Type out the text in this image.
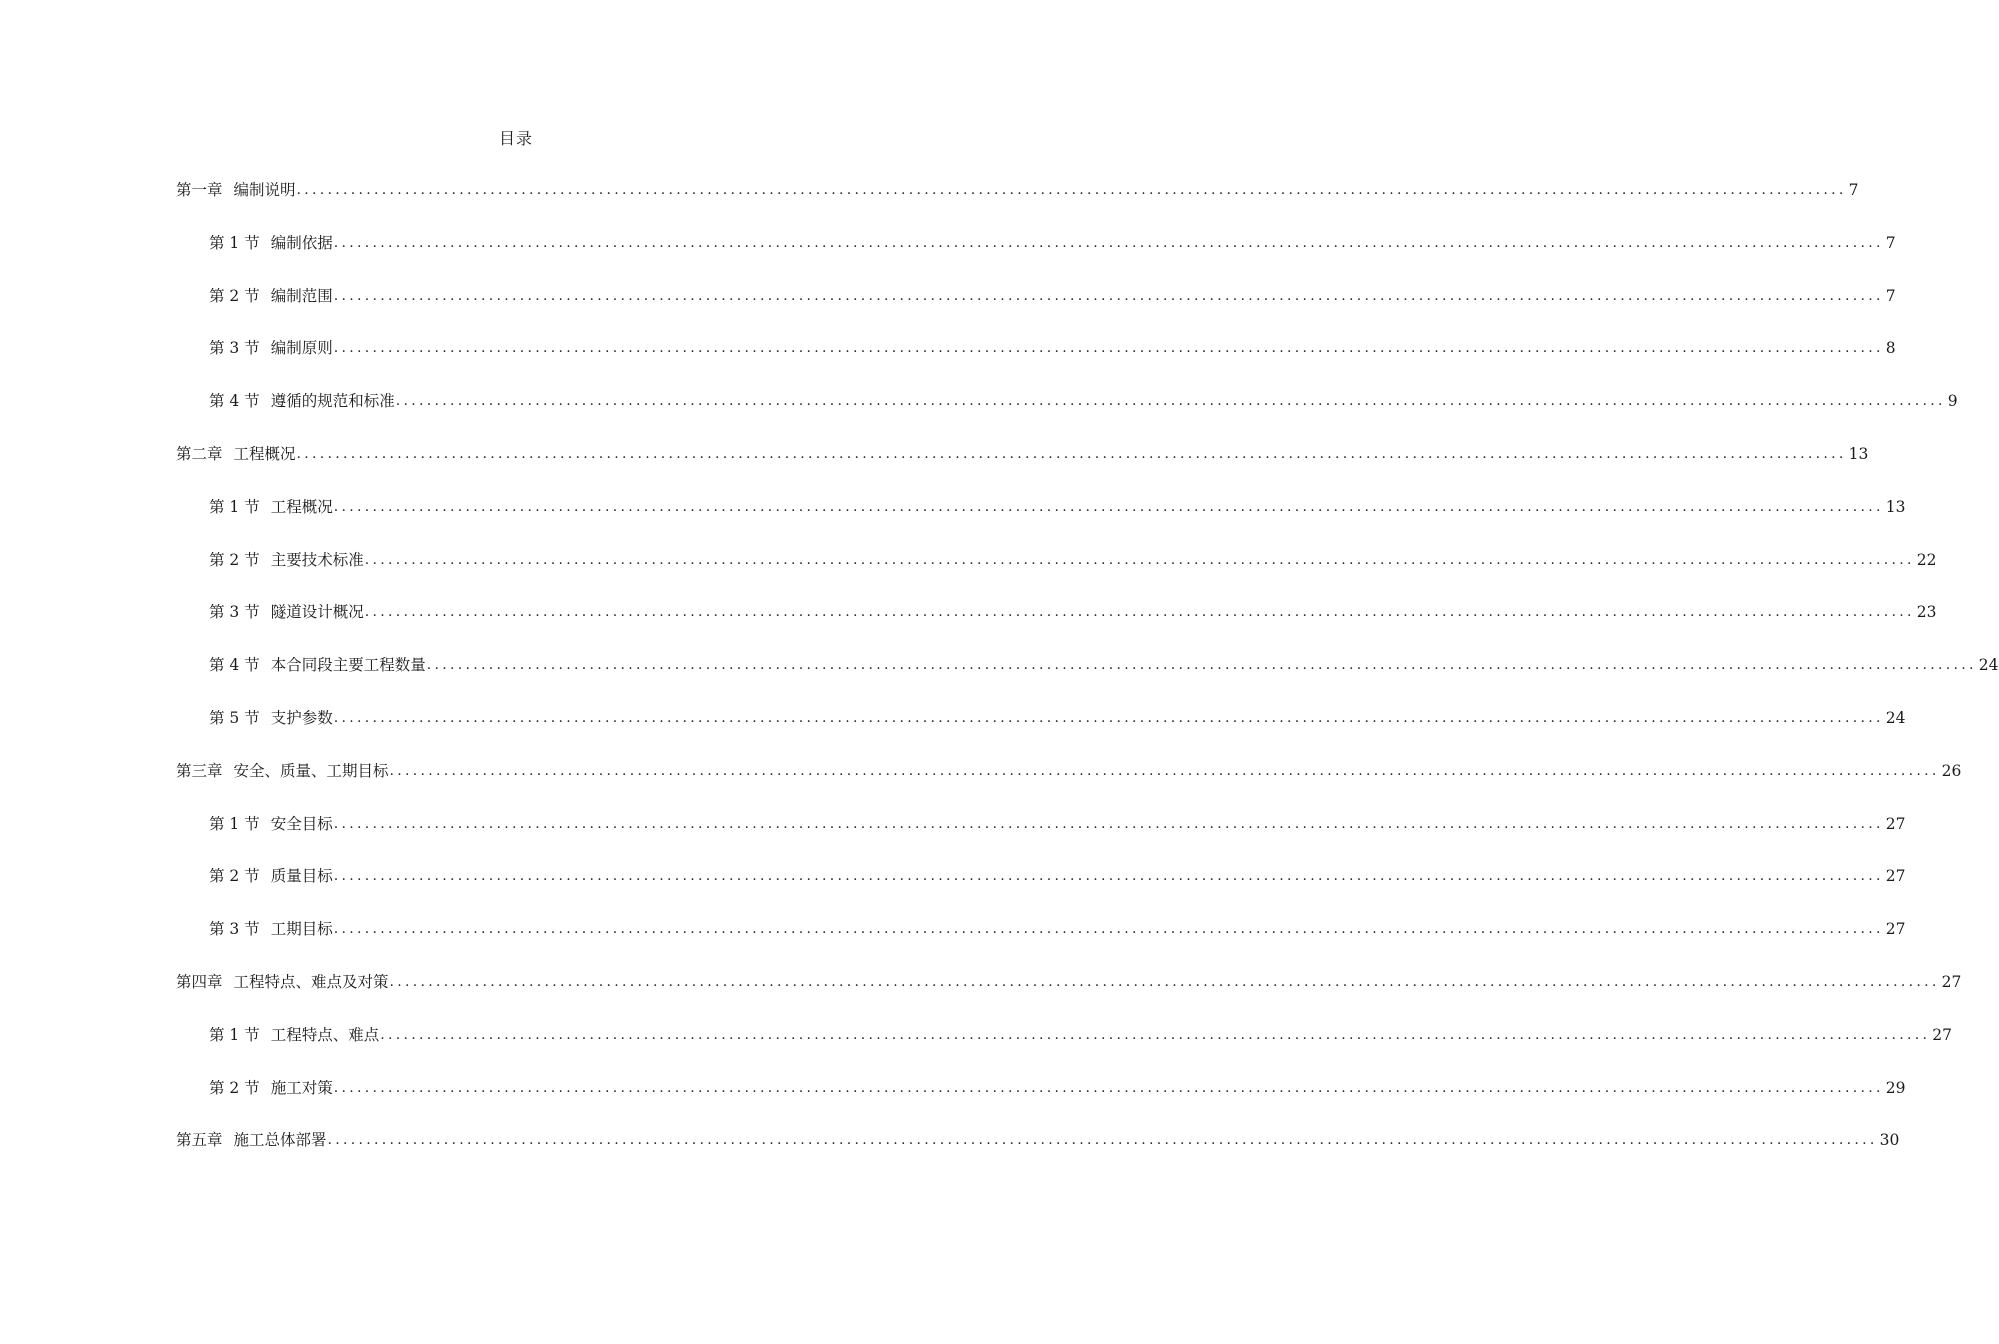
目录
第一章 编制说明 ........................................................................................................................................................................................................ 7
第 1 节 编制依据 ........................................................................................................................................................................................................ 7
第 2 节 编制范围 ........................................................................................................................................................................................................ 7
第 3 节 编制原则 ........................................................................................................................................................................................................ 8
第 4 节 遵循的规范和标准 ........................................................................................................................................................................................................ 9
第二章 工程概况 ........................................................................................................................................................................................................ 13
第 1 节 工程概况 ........................................................................................................................................................................................................ 13
第 2 节 主要技术标准 ........................................................................................................................................................................................................ 22
第 3 节 隧道设计概况 ........................................................................................................................................................................................................ 23
第 4 节 本合同段主要工程数量 ........................................................................................................................................................................................................ 24
第 5 节 支护参数 ........................................................................................................................................................................................................ 24
第三章 安全、质量、工期目标 ........................................................................................................................................................................................................ 26
第 1 节 安全目标 ........................................................................................................................................................................................................ 27
第 2 节 质量目标 ........................................................................................................................................................................................................ 27
第 3 节 工期目标 ........................................................................................................................................................................................................ 27
第四章 工程特点、难点及对策 ........................................................................................................................................................................................................ 27
第 1 节 工程特点、难点 ........................................................................................................................................................................................................ 27
第 2 节 施工对策 ........................................................................................................................................................................................................ 29
第五章 施工总体部署 ........................................................................................................................................................................................................ 30
